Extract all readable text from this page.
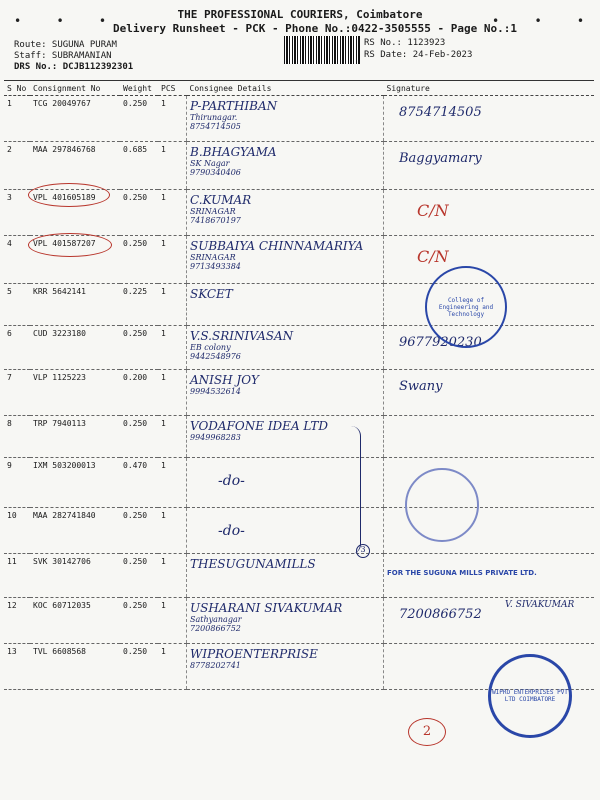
• • •	• • •
THE PROFESSIONAL COURIERS, Coimbatore
Delivery Runsheet - PCK - Phone No.:0422-3505555 - Page No.:1
Route: SUGUNA PURAM
Staff: SUBRAMANIAN
DRS No.: DCJB112392301
RS No.: 1123923
RS Date: 24-Feb-2023
S No	Consignment No	Weight	PCS	Consignee Details	Signature
1	TCG 20049767	0.250	1	P-PARTHIBAN
Thirunagar.
8754714505	8754714505

2	MAA 297846768	0.685	1	B.BHAGYAMA
SK Nagar
9790340406	Baggyamary

3	VPL 401605189	0.250	1	C.KUMAR
SRINAGAR
7418670197	C/N

4	VPL 401587207	0.250	1	SUBBAIYA CHINNAMARIYA
SRINAGAR
9713493384	C/N

5	KRR 5642141	0.225	1	SKCET	

6	CUD 3223180	0.250	1	V.S.SRINIVASAN
EB colony
9442548976	9677920230

7	VLP 1125223	0.200	1	ANISH JOY
9994532614	Swany

8	TRP 7940113	0.250	1	VODAFONE IDEA LTD
9949968283	

9	IXM 503200013	0.470	1	-do-	

10	MAA 282741840	0.250	1	-do-	

11	SVK 30142706	0.250	1	THESUGUNAMILLS	FOR THE SUGUNA MILLS PRIVATE LTD.

12	KOC 60712035	0.250	1	USHARANI SIVAKUMAR
Sathyanagar
7200866752	7200866752

13	TVL 6608568	0.250	1	WIPROENTERPRISE
8778202741	

College of Engineering and Technology
3
V. SIVAKUMAR
WIPRO ENTERPRISES PVT LTD COIMBATORE
2
